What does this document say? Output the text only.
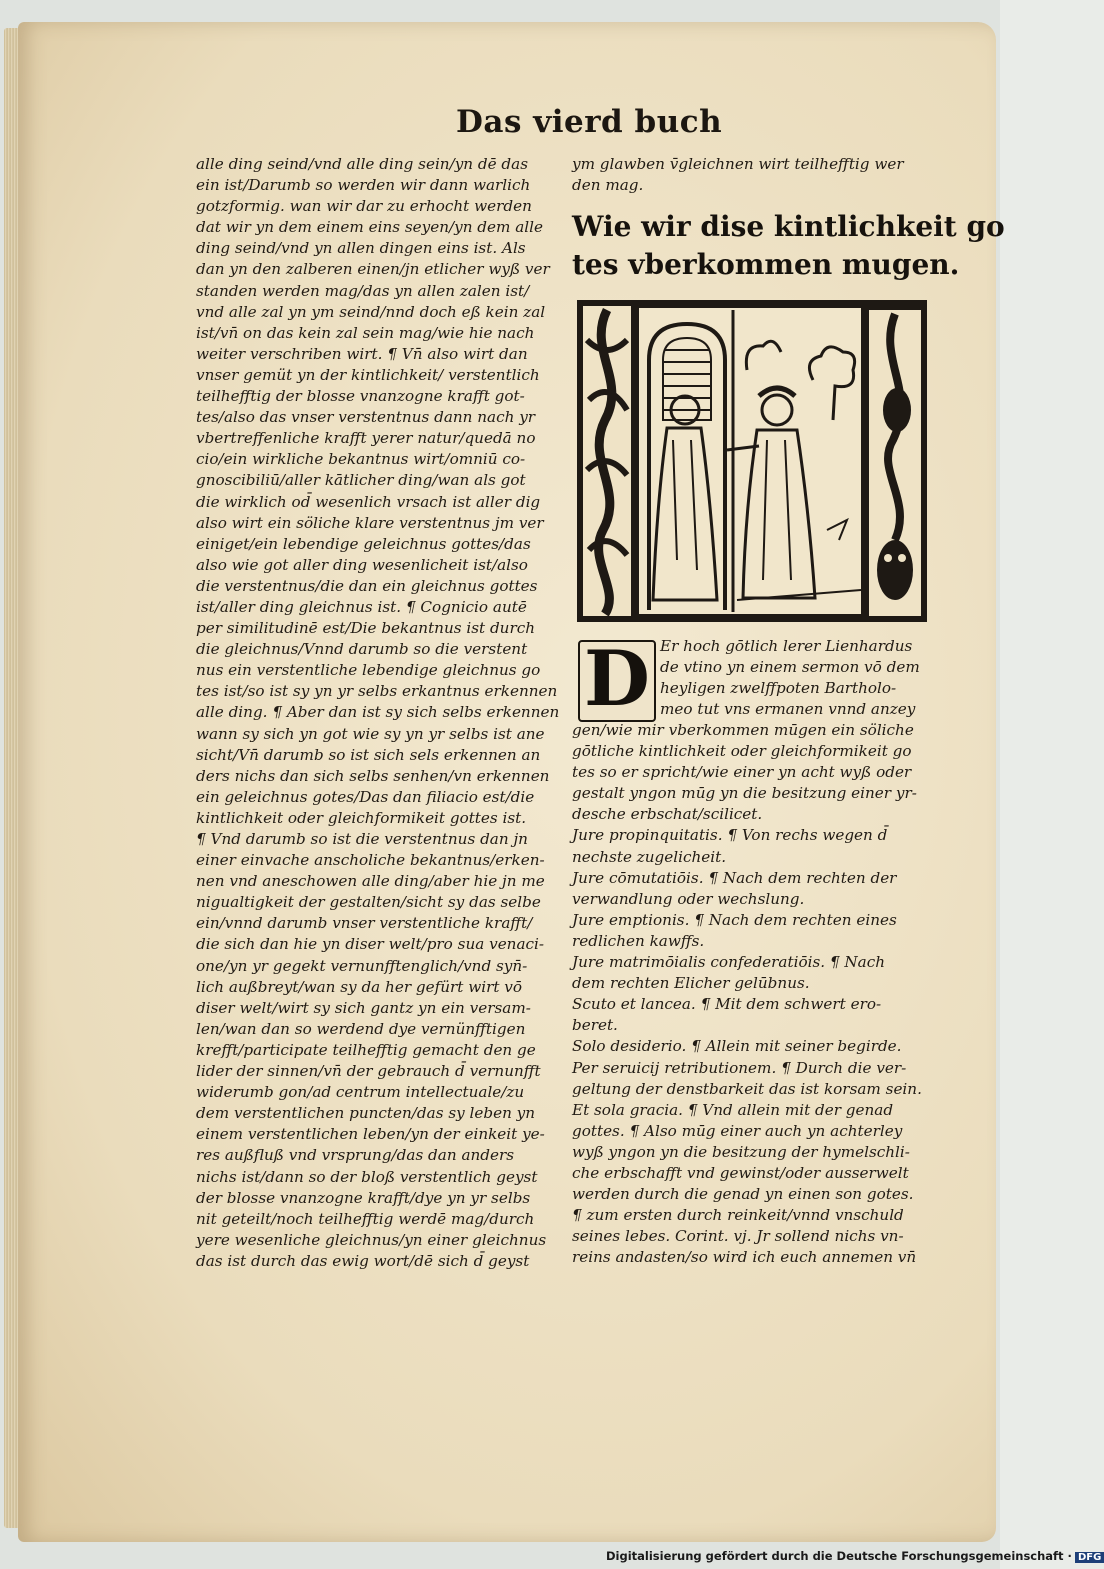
Das vierd buch
alle ding seind/vnd alle ding sein/yn dē das
ein ist/Darumb so werden wir dann warlich
gotzformig. wan wir dar zu erhocht werden
dat wir yn dem einem eins seyen/yn dem alle
ding seind/vnd yn allen dingen eins ist. Als
dan yn den zalberen einen/jn etlicher wyß ver
standen werden mag/das yn allen zalen ist/
vnd alle zal yn ym seind/nnd doch eß kein zal
ist/vn̄ on das kein zal sein mag/wie hie nach
weiter verschriben wirt. ¶ Vn̄ also wirt dan
vnser gemüt yn der kintlichkeit/ verstentlich
teilhefftig der blosse vnanzogne krafft got-
tes/also das vnser verstentnus dann nach yr
vbertreffenliche krafft yerer natur/quedā no
cio/ein wirkliche bekantnus wirt/omniū co-
gnoscibiliū/aller kātlicher ding/wan als got
die wirklich od̄ wesenlich vrsach ist aller dig
also wirt ein söliche klare verstentnus jm ver
einiget/ein lebendige geleichnus gottes/das
also wie got aller ding wesenlicheit ist/also
die verstentnus/die dan ein gleichnus gottes
ist/aller ding gleichnus ist. ¶ Cognicio autē
per similitudinē est/Die bekantnus ist durch
die gleichnus/Vnnd darumb so die verstent
nus ein verstentliche lebendige gleichnus go
tes ist/so ist sy yn yr selbs erkantnus erkennen
alle ding. ¶ Aber dan ist sy sich selbs erkennen
wann sy sich yn got wie sy yn yr selbs ist ane
sicht/Vn̄ darumb so ist sich sels erkennen an
ders nichs dan sich selbs senhen/vn erkennen
ein geleichnus gotes/Das dan filiacio est/die
kintlichkeit oder gleichformikeit gottes ist.
¶ Vnd darumb so ist die verstentnus dan jn
einer einvache anscholiche bekantnus/erken-
nen vnd aneschowen alle ding/aber hie jn me
nigualtigkeit der gestalten/sicht sy das selbe
ein/vnnd darumb vnser verstentliche krafft/
die sich dan hie yn diser welt/pro sua venaci-
one/yn yr gegekt vernunfftenglich/vnd syn̄-
lich außbreyt/wan sy da her gefürt wirt vō
diser welt/wirt sy sich gantz yn ein versam-
len/wan dan so werdend dye vernünfftigen
krefft/participate teilhefftig gemacht den ge
lider der sinnen/vn̄ der gebrauch d̄ vernunfft
widerumb gon/ad centrum intellectuale/zu
dem verstentlichen puncten/das sy leben yn
einem verstentlichen leben/yn der einkeit ye-
res außfluß vnd vrsprung/das dan anders
nichs ist/dann so der bloß verstentlich geyst
der blosse vnanzogne krafft/dye yn yr selbs
nit geteilt/noch teilhefftig werdē mag/durch
yere wesenliche gleichnus/yn einer gleichnus
das ist durch das ewig wort/dē sich d̄ geyst
ym glawben v̄gleichnen wirt teilhefftig wer
den mag.
Wie wir dise kintlichkeit go
tes vberkommen mugen.
D Er hoch gōtlich lerer Lienhardus
de vtino yn einem sermon vō dem
heyligen zwelffpoten Bartholo-
meo tut vns ermanen vnnd anzey
gen/wie mir vberkommen mūgen ein söliche
gōtliche kintlichkeit oder gleichformikeit go
tes so er spricht/wie einer yn acht wyß oder
gestalt yngon mūg yn die besitzung einer yr-
desche erbschat/scilicet.
Jure propinquitatis. ¶ Von rechs wegen d̄
nechste zugelicheit.
Jure cōmutatiōis. ¶ Nach dem rechten der
verwandlung oder wechslung.
Jure emptionis. ¶ Nach dem rechten eines
redlichen kawffs.
Jure matrimōialis confederatiōis. ¶ Nach
dem rechten Elicher gelūbnus.
Scuto et lancea. ¶ Mit dem schwert ero-
beret.
Solo desiderio. ¶ Allein mit seiner begirde.
Per seruicij retributionem. ¶ Durch die ver-
geltung der denstbarkeit das ist korsam sein.
Et sola gracia. ¶ Vnd allein mit der genad
gottes. ¶ Also mūg einer auch yn achterley
wyß yngon yn die besitzung der hymelschli-
che erbschafft vnd gewinst/oder ausserwelt
werden durch die genad yn einen son gotes.
¶ zum ersten durch reinkeit/vnnd vnschuld
seines lebes. Corint. vj. Jr sollend nichs vn-
reins andasten/so wird ich euch annemen vn̄
Digitalisierung gefördert durch die Deutsche Forschungsgemeinschaft · DFG
